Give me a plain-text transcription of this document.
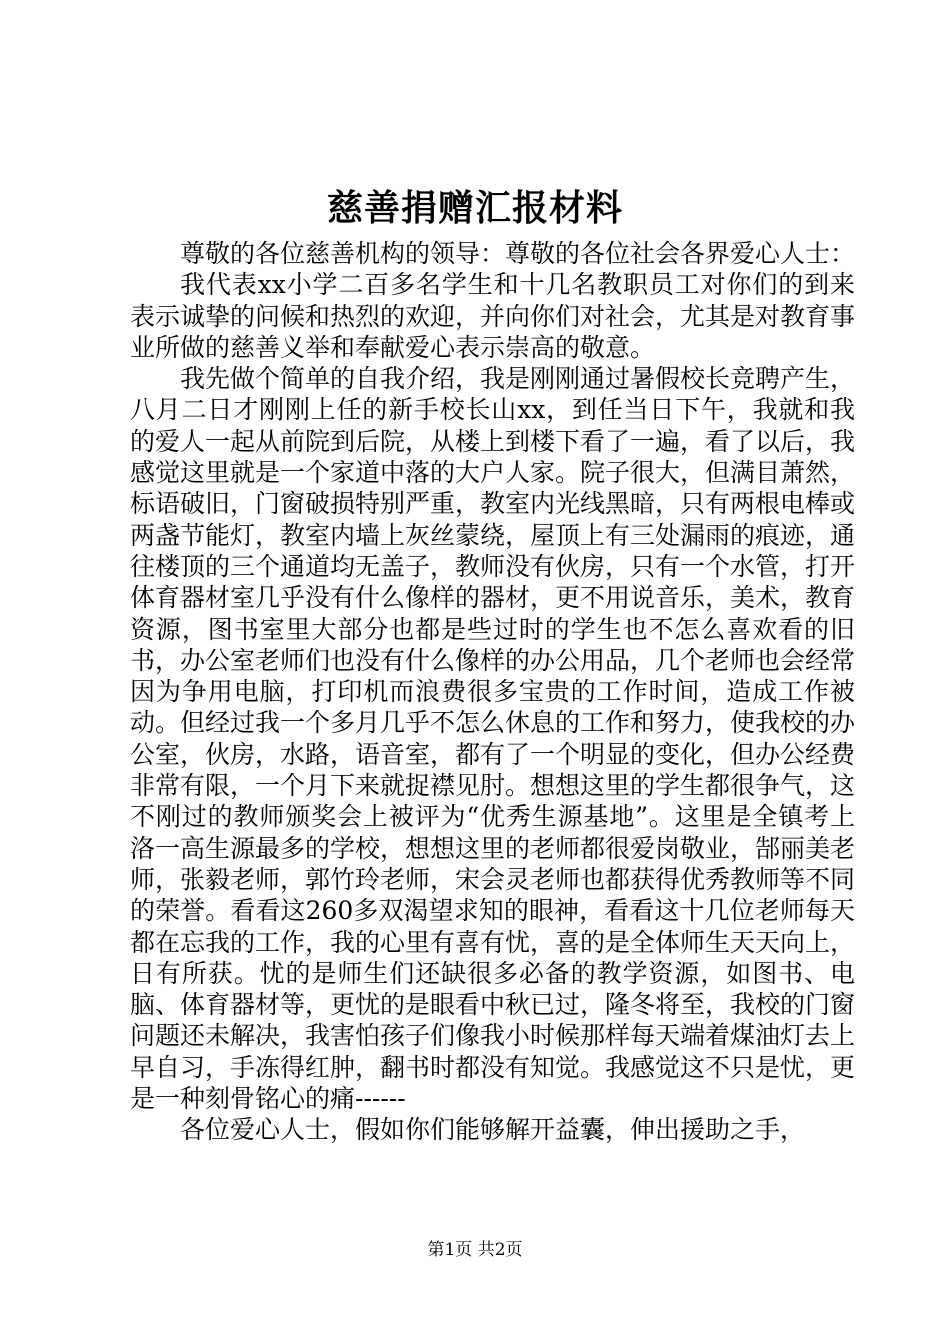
慈善捐赠汇报材料

尊敬的各位慈善机构的领导：尊敬的各位社会各界爱心人士：

我代表xx小学二百多名学生和十几名教职员工对你们的到来表示诚挚的问候和热烈的欢迎，并向你们对社会，尤其是对教育事业所做的慈善义举和奉献爱心表示崇高的敬意。

我先做个简单的自我介绍，我是刚刚通过暑假校长竞聘产生，八月二日才刚刚上任的新手校长山xx，到任当日下午，我就和我的爱人一起从前院到后院，从楼上到楼下看了一遍，看了以后，我感觉这里就是一个家道中落的大户人家。院子很大，但满目萧然，标语破旧，门窗破损特别严重，教室内光线黑暗，只有两根电棒或两盏节能灯，教室内墙上灰丝蒙绕，屋顶上有三处漏雨的痕迹，通往楼顶的三个通道均无盖子，教师没有伙房，只有一个水管，打开体育器材室几乎没有什么像样的器材，更不用说音乐，美术，教育资源，图书室里大部分也都是些过时的学生也不怎么喜欢看的旧书，办公室老师们也没有什么像样的办公用品，几个老师也会经常因为争用电脑，打印机而浪费很多宝贵的工作时间，造成工作被动。但经过我一个多月几乎不怎么休息的工作和努力，使我校的办公室，伙房，水路，语音室，都有了一个明显的变化，但办公经费非常有限，一个月下来就捉襟见肘。想想这里的学生都很争气，这不刚过的教师颁奖会上被评为“优秀生源基地”。这里是全镇考上洛一高生源最多的学校，想想这里的老师都很爱岗敬业，郜丽美老师，张毅老师，郭竹玲老师，宋会灵老师也都获得优秀教师等不同的荣誉。看看这260多双渴望求知的眼神，看看这十几位老师每天都在忘我的工作，我的心里有喜有忧，喜的是全体师生天天向上，日有所获。忧的是师生们还缺很多必备的教学资源，如图书、电脑、体育器材等，更忧的是眼看中秋已过，隆冬将至，我校的门窗问题还未解决，我害怕孩子们像我小时候那样每天端着煤油灯去上早自习，手冻得红肿，翻书时都没有知觉。我感觉这不只是忧，更是一种刻骨铭心的痛------

各位爱心人士，假如你们能够解开益囊，伸出援助之手，

第1页 共2页
